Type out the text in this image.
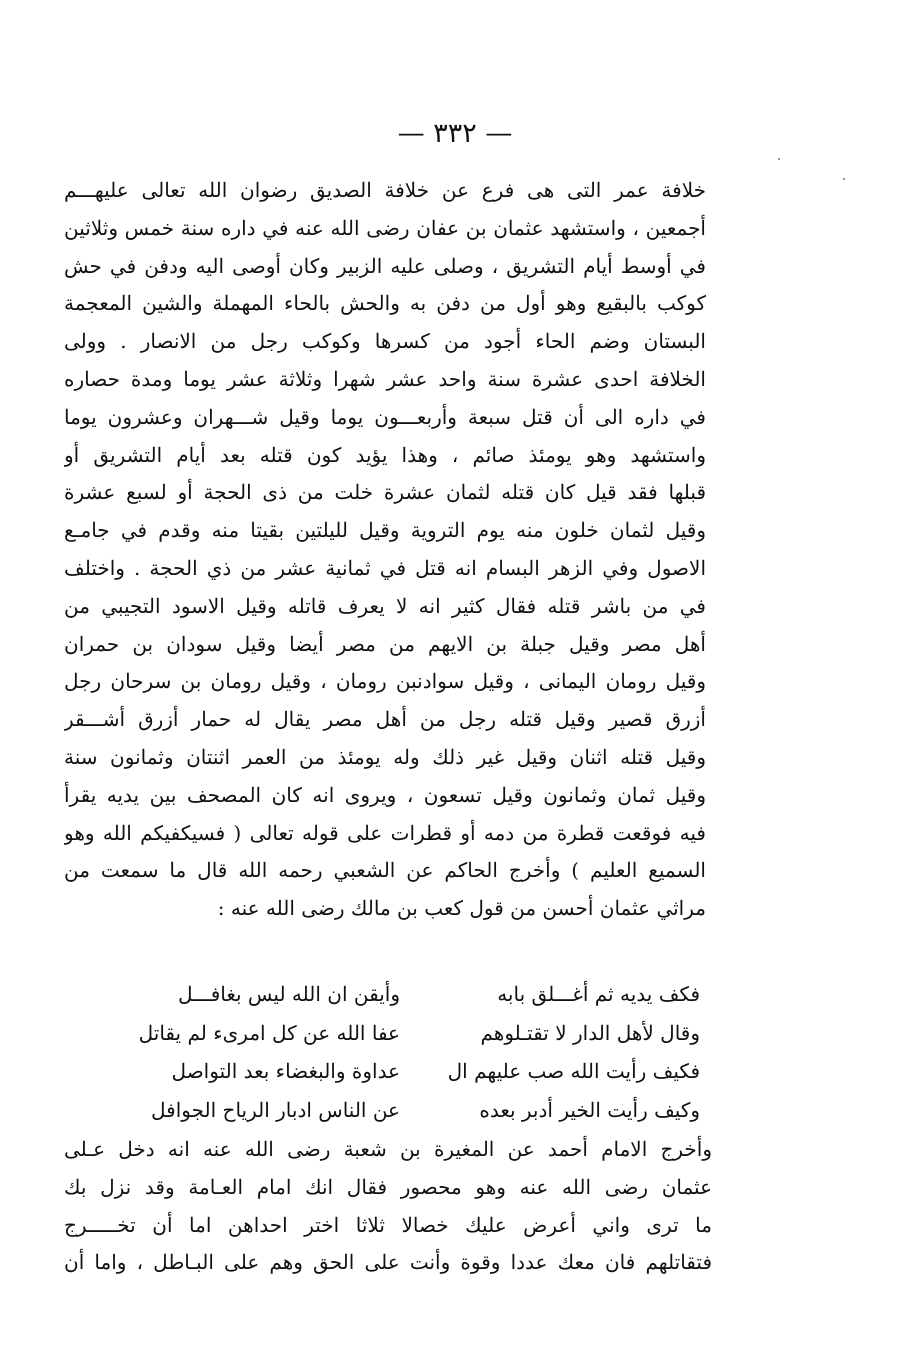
— ٣٣٢ —
خلافة عمر التى هى فرع عن خلافة الصديق رضوان الله تعالى عليهـــم
أجمعين ، واستشهد عثمان بن عفان رضى الله عنه في داره سنة خمس وثلاثين
في أوسط أيام التشريق ، وصلى عليه الزبير وكان أوصى اليه ودفن في حش
كوكب بالبقيع وهو أول من دفن به والحش بالحاء المهملة والشين المعجمة
البستان وضم الحاء أجود من كسرها وكوكب رجل من الانصار . وولى
الخلافة احدى عشرة سنة واحد عشر شهرا وثلاثة عشر يوما ومدة حصاره
في داره الى أن قتل سبعة وأربعـــون يوما وقيل شـــهران وعشرون يوما
واستشهد وهو يومئذ صائم ، وهذا يؤيد كون قتله بعد أيام التشريق أو
قبلها فقد قيل كان قتله لثمان عشرة خلت من ذى الحجة أو لسبع عشرة
وقيل لثمان خلون منه يوم التروية وقيل لليلتين بقيتا منه وقدم في جامـع
الاصول وفي الزهر البسام انه قتل في ثمانية عشر من ذي الحجة . واختلف
في من باشر قتله فقال كثير انه لا يعرف قاتله وقيل الاسود التجيبي من
أهل مصر وقيل جبلة بن الايهم من مصر أيضا وقيل سودان بن حمران
وقيل رومان اليمانى ، وقيل سوادنبن رومان ، وقيل رومان بن سرحان رجل
أزرق قصير وقيل قتله رجل من أهل مصر يقال له حمار أزرق أشـــقر
وقيل قتله اثنان وقيل غير ذلك وله يومئذ من العمر اثنتان وثمانون سنة
وقيل ثمان وثمانون وقيل تسعون ، ويروى انه كان المصحف بين يديه يقرأ
فيه فوقعت قطرة من دمه أو قطرات على قوله تعالى ( فسيكفيكم الله وهو
السميع العليم ) وأخرج الحاكم عن الشعبي رحمه الله قال ما سمعت من
مراثي عثمان أحسن من قول كعب بن مالك رضى الله عنه :
فكف يديه ثم أغـــلق بابه
وأيقن ان الله ليس بغافـــل
وقال لأهل الدار لا تقتـلوهم
عفا الله عن كل امرىء لم يقاتل
فكيف رأيت الله صب عليهم ال
عداوة والبغضاء بعد التواصل
وكيف رأيت الخير أدبر بعده
عن الناس ادبار الرياح الجوافل
وأخرج الامام أحمد عن المغيرة بن شعبة رضى الله عنه انه دخل عـلى
عثمان رضى الله عنه وهو محصور فقال انك امام العـامة وقد نزل بك
ما ترى واني أعرض عليك خصالا ثلاثا اختر احداهن اما أن تخـــــرج
فتقاتلهم فان معك عددا وقوة وأنت على الحق وهم على البـاطل ، واما أن
